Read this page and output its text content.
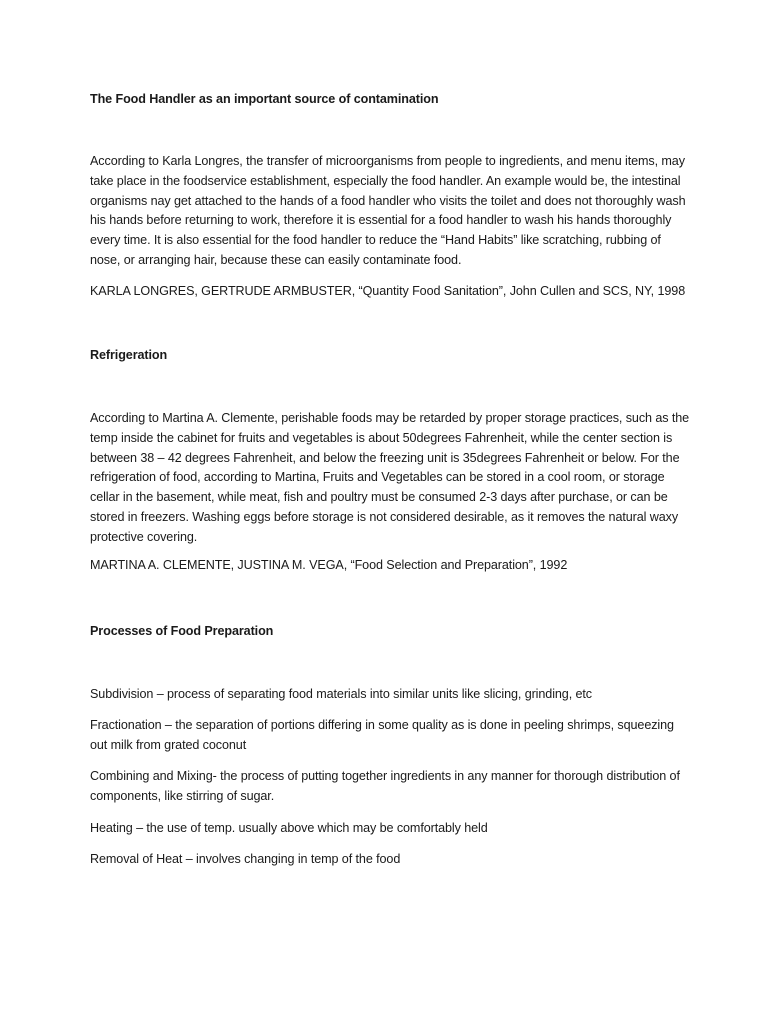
The Food Handler as an important source of contamination

According to Karla Longres, the transfer of microorganisms from people to ingredients, and menu items, may take place in the foodservice establishment, especially the food handler. An example would be, the intestinal organisms nay get attached to the hands of a food handler who visits the toilet and does not thoroughly wash his hands before returning to work, therefore it is essential for a food handler to wash his hands thoroughly every time. It is also essential for the food handler to reduce the “Hand Habits” like scratching, rubbing of nose, or arranging hair, because these can easily contaminate food.

KARLA LONGRES, GERTRUDE ARMBUSTER, “Quantity Food Sanitation”, John Cullen and SCS, NY, 1998
Refrigeration

According to Martina A. Clemente, perishable foods may be retarded by proper storage practices, such as the temp inside the cabinet for fruits and vegetables is about 50degrees Fahrenheit, while the center section is between 38 – 42 degrees Fahrenheit, and below the freezing unit is 35degrees Fahrenheit or below. For the refrigeration of food, according to Martina, Fruits and Vegetables can be stored in a cool room, or storage cellar in the basement, while meat, fish and poultry must be consumed 2-3 days after purchase, or can be stored in freezers. Washing eggs before storage is not considered desirable, as it removes the natural waxy protective covering.

MARTINA A. CLEMENTE, JUSTINA M. VEGA, “Food Selection and Preparation”, 1992
Processes of Food Preparation
Subdivision – process of separating food materials into similar units like slicing, grinding, etc
Fractionation – the separation of portions differing in some quality as is done in peeling shrimps, squeezing out milk from grated coconut
Combining and Mixing- the process of putting together ingredients in any manner for thorough distribution of components, like stirring of sugar.
Heating – the use of temp. usually above which may be comfortably held
Removal of Heat – involves changing in temp of the food
